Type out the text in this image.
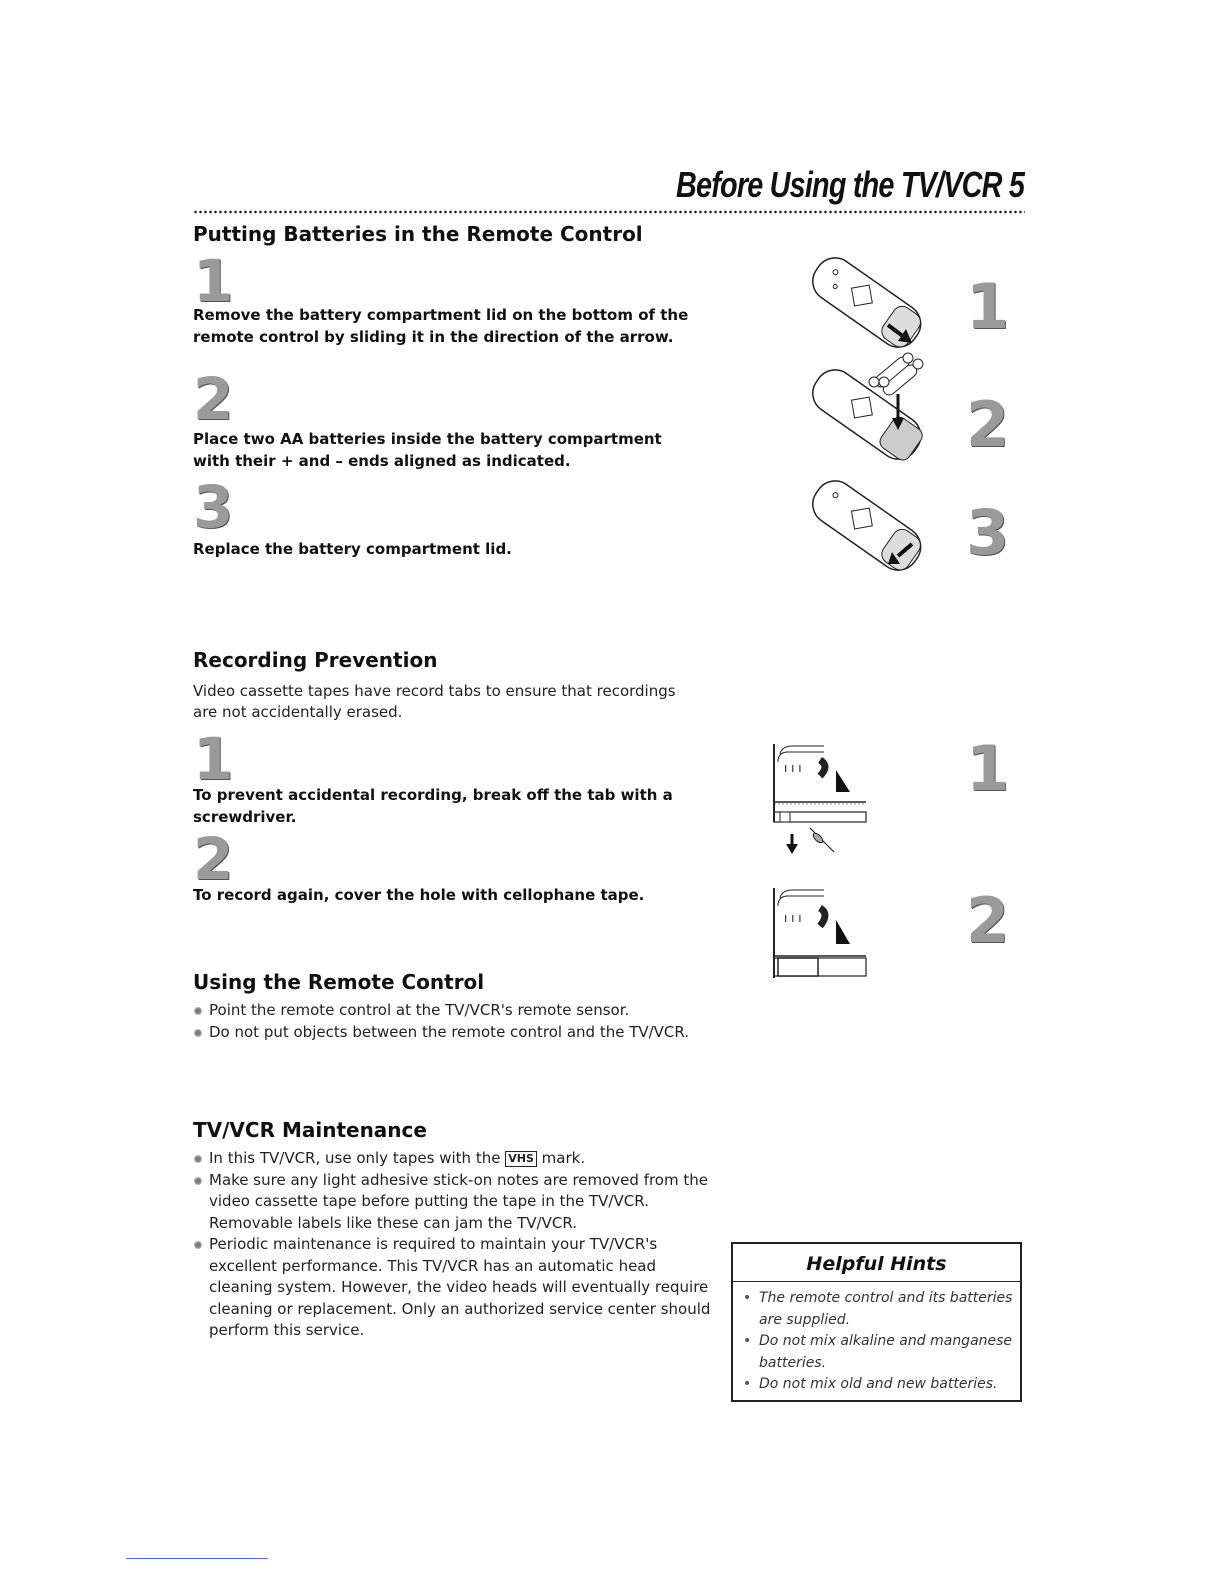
Before Using the TV/VCR 5
Putting Batteries in the Remote Control
1
Remove the battery compartment lid on the bottom of the remote control by sliding it in the direction of the arrow.
2
Place two AA batteries inside the battery compartment with their + and – ends aligned as indicated.
3
Replace the battery compartment lid.
1
2
3
Recording Prevention
Video cassette tapes have record tabs to ensure that recordings are not accidentally erased.
1
To prevent accidental recording, break off the tab with a screwdriver.
2
To record again, cover the hole with cellophane tape.
ı ı ı	1
ı ı ı	2
Using the Remote Control
Point the remote control at the TV/VCR's remote sensor.
Do not put objects between the remote control and the TV/VCR.
TV/VCR Maintenance
In this TV/VCR, use only tapes with the VHS mark.
Make sure any light adhesive stick-on notes are removed from the video cassette tape before putting the tape in the TV/VCR. Removable labels like these can jam the TV/VCR.
Periodic maintenance is required to maintain your TV/VCR's excellent performance. This TV/VCR has an automatic head cleaning system. However, the video heads will eventually require cleaning or replacement. Only an authorized service center should perform this service.
Helpful Hints
• The remote control and its batteries are supplied.
• Do not mix alkaline and manganese batteries.
• Do not mix old and new batteries.
